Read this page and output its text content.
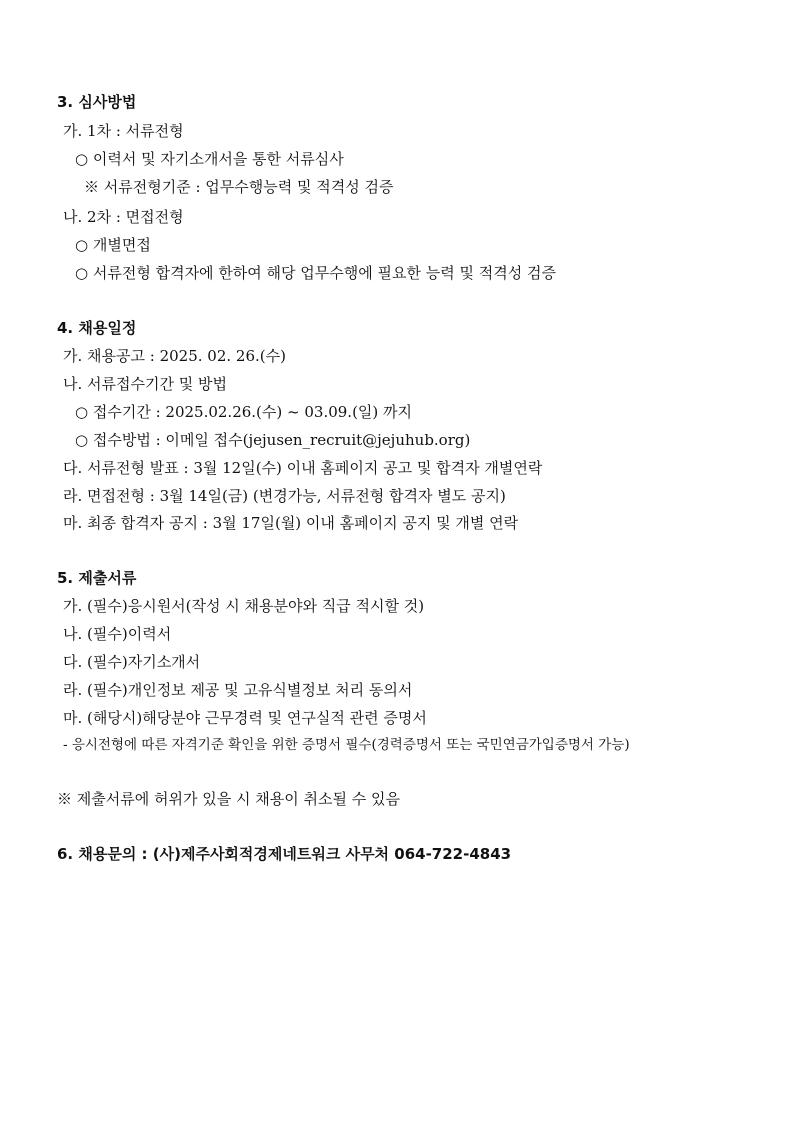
3. 심사방법
가. 1차 : 서류전형
○ 이력서 및 자기소개서을 통한 서류심사
※ 서류전형기준 : 업무수행능력 및 적격성 검증
나. 2차 : 면접전형
○ 개별면접
○ 서류전형 합격자에 한하여 해당 업무수행에 필요한 능력 및 적격성 검증
4. 채용일정
가. 채용공고 : 2025. 02. 26.(수)
나. 서류접수기간 및 방법
○ 접수기간 : 2025.02.26.(수) ~ 03.09.(일) 까지
○ 접수방법 : 이메일 접수(jejusen_recruit@jejuhub.org)
다. 서류전형 발표 : 3월 12일(수) 이내 홈페이지 공고 및 합격자 개별연락
라. 면접전형 : 3월 14일(금) (변경가능, 서류전형 합격자 별도 공지)
마. 최종 합격자 공지 : 3월 17일(월) 이내 홈페이지 공지 및 개별 연락
5. 제출서류
가. (필수)응시원서(작성 시 채용분야와 직급 적시할 것)
나. (필수)이력서
다. (필수)자기소개서
라. (필수)개인정보 제공 및 고유식별정보 처리 동의서
마. (해당시)해당분야 근무경력 및 연구실적 관련 증명서
- 응시전형에 따른 자격기준 확인을 위한 증명서 필수(경력증명서 또는 국민연금가입증명서 가능)
※ 제출서류에 허위가 있을 시 채용이 취소될 수 있음
6. 채용문의 : (사)제주사회적경제네트워크 사무처 064-722-4843
